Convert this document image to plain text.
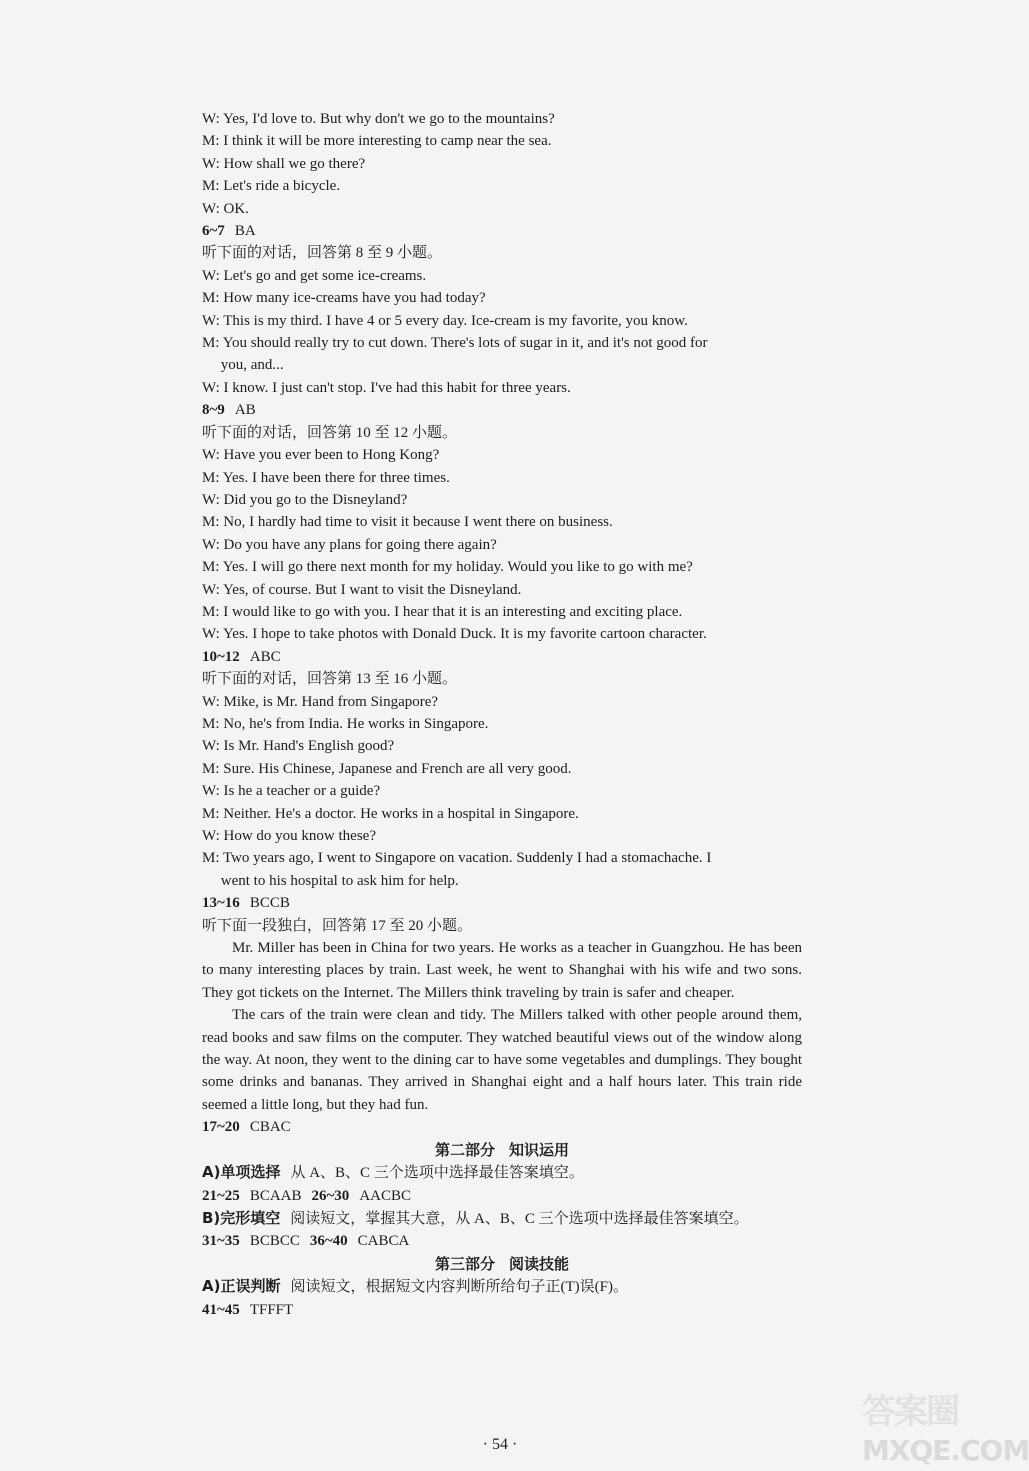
W: Yes, I'd love to. But why don't we go to the mountains?
M: I think it will be more interesting to camp near the sea.
W: How shall we go there?
M: Let's ride a bicycle.
W: OK.
6~7 BA
听下面的对话，回答第 8 至 9 小题。
W: Let's go and get some ice-creams.
M: How many ice-creams have you had today?
W: This is my third. I have 4 or 5 every day. Ice-cream is my favorite, you know.
M: You should really try to cut down. There's lots of sugar in it, and it's not good for
you, and...
W: I know. I just can't stop. I've had this habit for three years.
8~9 AB
听下面的对话，回答第 10 至 12 小题。
W: Have you ever been to Hong Kong?
M: Yes. I have been there for three times.
W: Did you go to the Disneyland?
M: No, I hardly had time to visit it because I went there on business.
W: Do you have any plans for going there again?
M: Yes. I will go there next month for my holiday. Would you like to go with me?
W: Yes, of course. But I want to visit the Disneyland.
M: I would like to go with you. I hear that it is an interesting and exciting place.
W: Yes. I hope to take photos with Donald Duck. It is my favorite cartoon character.
10~12 ABC
听下面的对话，回答第 13 至 16 小题。
W: Mike, is Mr. Hand from Singapore?
M: No, he's from India. He works in Singapore.
W: Is Mr. Hand's English good?
M: Sure. His Chinese, Japanese and French are all very good.
W: Is he a teacher or a guide?
M: Neither. He's a doctor. He works in a hospital in Singapore.
W: How do you know these?
M: Two years ago, I went to Singapore on vacation. Suddenly I had a stomachache. I
went to his hospital to ask him for help.
13~16 BCCB
听下面一段独白，回答第 17 至 20 小题。

Mr. Miller has been in China for two years. He works as a teacher in Guangzhou. He has been to many interesting places by train. Last week, he went to Shanghai with his wife and two sons. They got tickets on the Internet. The Millers think traveling by train is safer and cheaper.

The cars of the train were clean and tidy. The Millers talked with other people around them, read books and saw films on the computer. They watched beautiful views out of the window along the way. At noon, they went to the dining car to have some vegetables and dumplings. They bought some drinks and bananas. They arrived in Shanghai eight and a half hours later. This train ride seemed a little long, but they had fun.

17~20 CBAC
第二部分 知识运用
A)单项选择 从 A、B、C 三个选项中选择最佳答案填空。
21~25 BCAAB 26~30 AACBC
B)完形填空 阅读短文，掌握其大意，从 A、B、C 三个选项中选择最佳答案填空。
31~35 BCBCC 36~40 CABCA
第三部分 阅读技能
A)正误判断 阅读短文，根据短文内容判断所给句子正(T)误(F)。
41~45 TFFFT
· 54 ·
答案圈
MXQE.COM
